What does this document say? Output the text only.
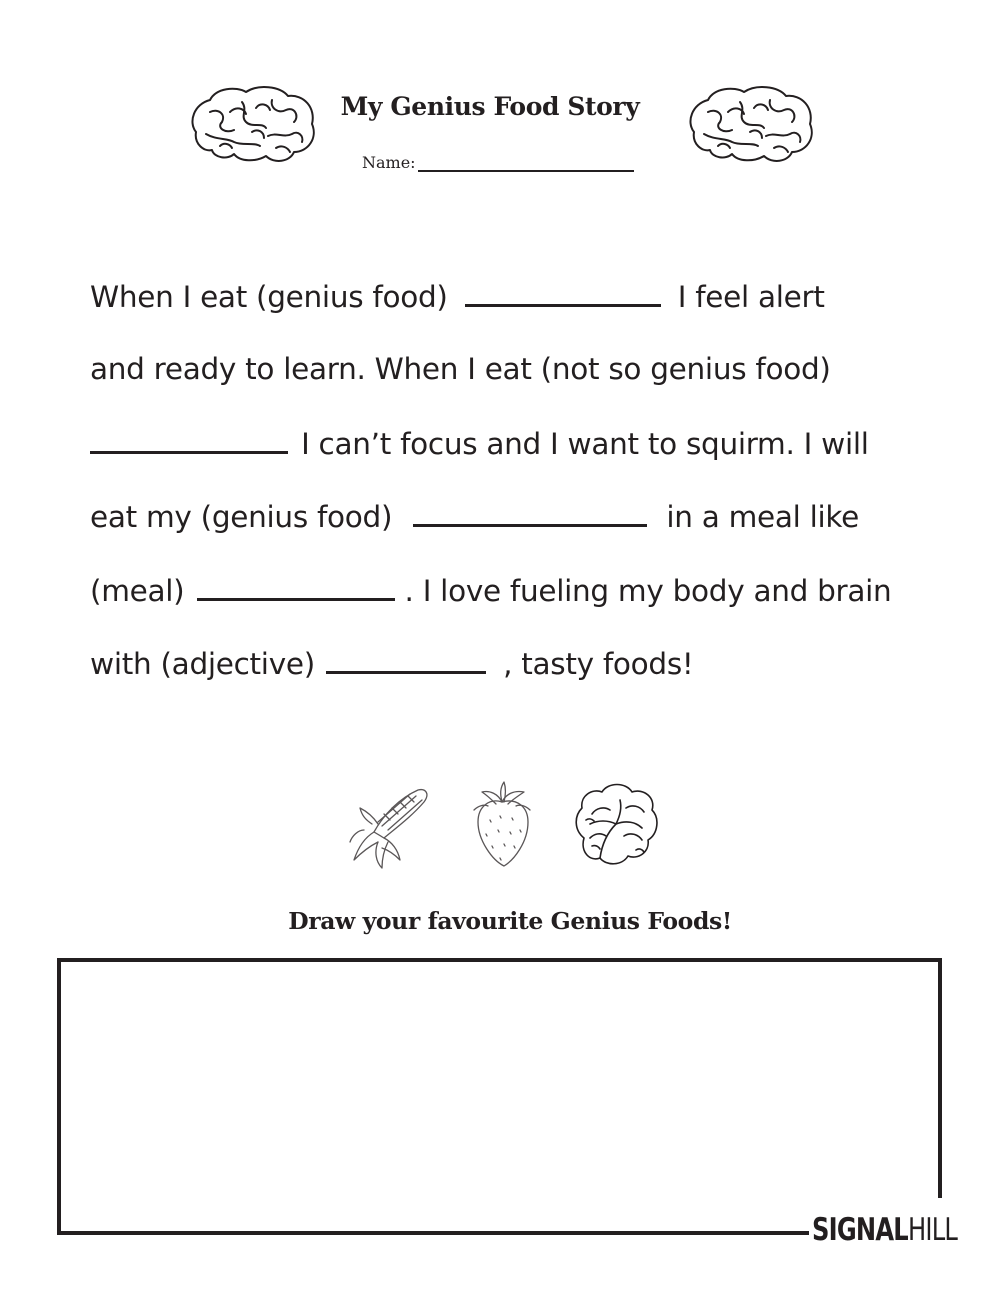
My Genius Food Story
Name:
When I eat (genius food)	I feel alert
and ready to learn. When I eat (not so genius food)
I can’t focus and I want to squirm. I will
eat my (genius food)	in a meal like
(meal)	. I love fueling my body and brain
with (adjective)	, tasty foods!
Draw your favourite Genius Foods!
SIGNALHILL
